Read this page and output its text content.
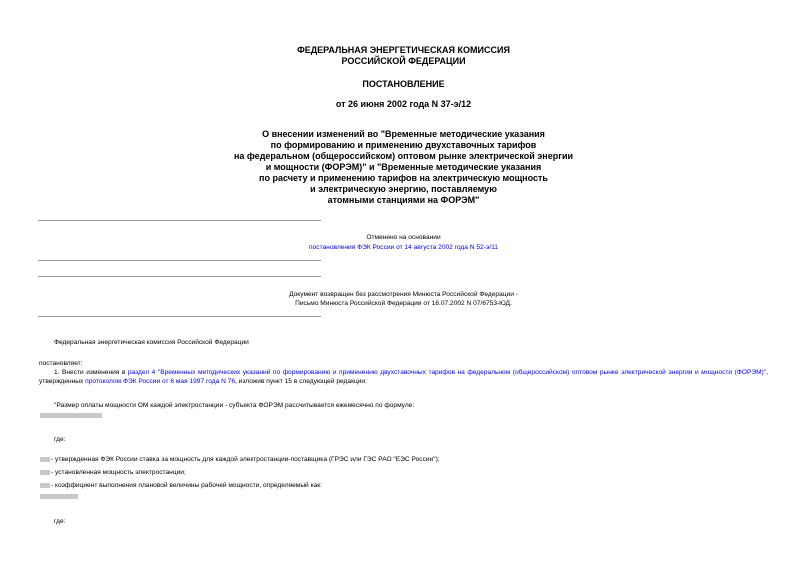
ФЕДЕРАЛЬНАЯ ЭНЕРГЕТИЧЕСКАЯ КОМИССИЯ
РОССИЙСКОЙ ФЕДЕРАЦИИ
ПОСТАНОВЛЕНИЕ
от 26 июня 2002 года N 37-э/12
О внесении изменений во "Временные методические указания
по формированию и применению двухставочных тарифов
на федеральном (общероссийском) оптовом рынке электрической энергии
и мощности (ФОРЭМ)" и "Временные методические указания
по расчету и применению тарифов на электрическую мощность
и электрическую энергию, поставляемую
атомными станциями на ФОРЭМ"
Отменено на основании
постановления ФЭК России от 14 августа 2002 года N 52-э/11
Документ возвращен без рассмотрения Минюста Российской Федерации -
Письмо Минюста Российской Федерации от 16.07.2002 N 07/6753-ЮД.
Федеральная энергетическая комиссия Российской Федерации
постановляет:
1. Внести изменения в раздел 4 "Временных методических указаний по формированию и применению двухставочных тарифов на федеральном (общероссийском) оптовом рынке электрической энергии и мощности (ФОРЭМ)", утвержденных протоколом ФЭК России от 6 мая 1997 года N 76, изложив пункт 15 в следующей редакции:
"Размер оплаты мощности ОМ каждой электростанции - субъекта ФОРЭМ рассчитывается ежемесячно по формуле:
где:
- утвержденная ФЭК России ставка за мощность для каждой электростанции-поставщика (ГРЭС или ГЭС РАО "ЕЭС России");
- установленная мощность электростанции;
- коэффициент выполнения плановой величины рабочей мощности, определяемый как:
где:
